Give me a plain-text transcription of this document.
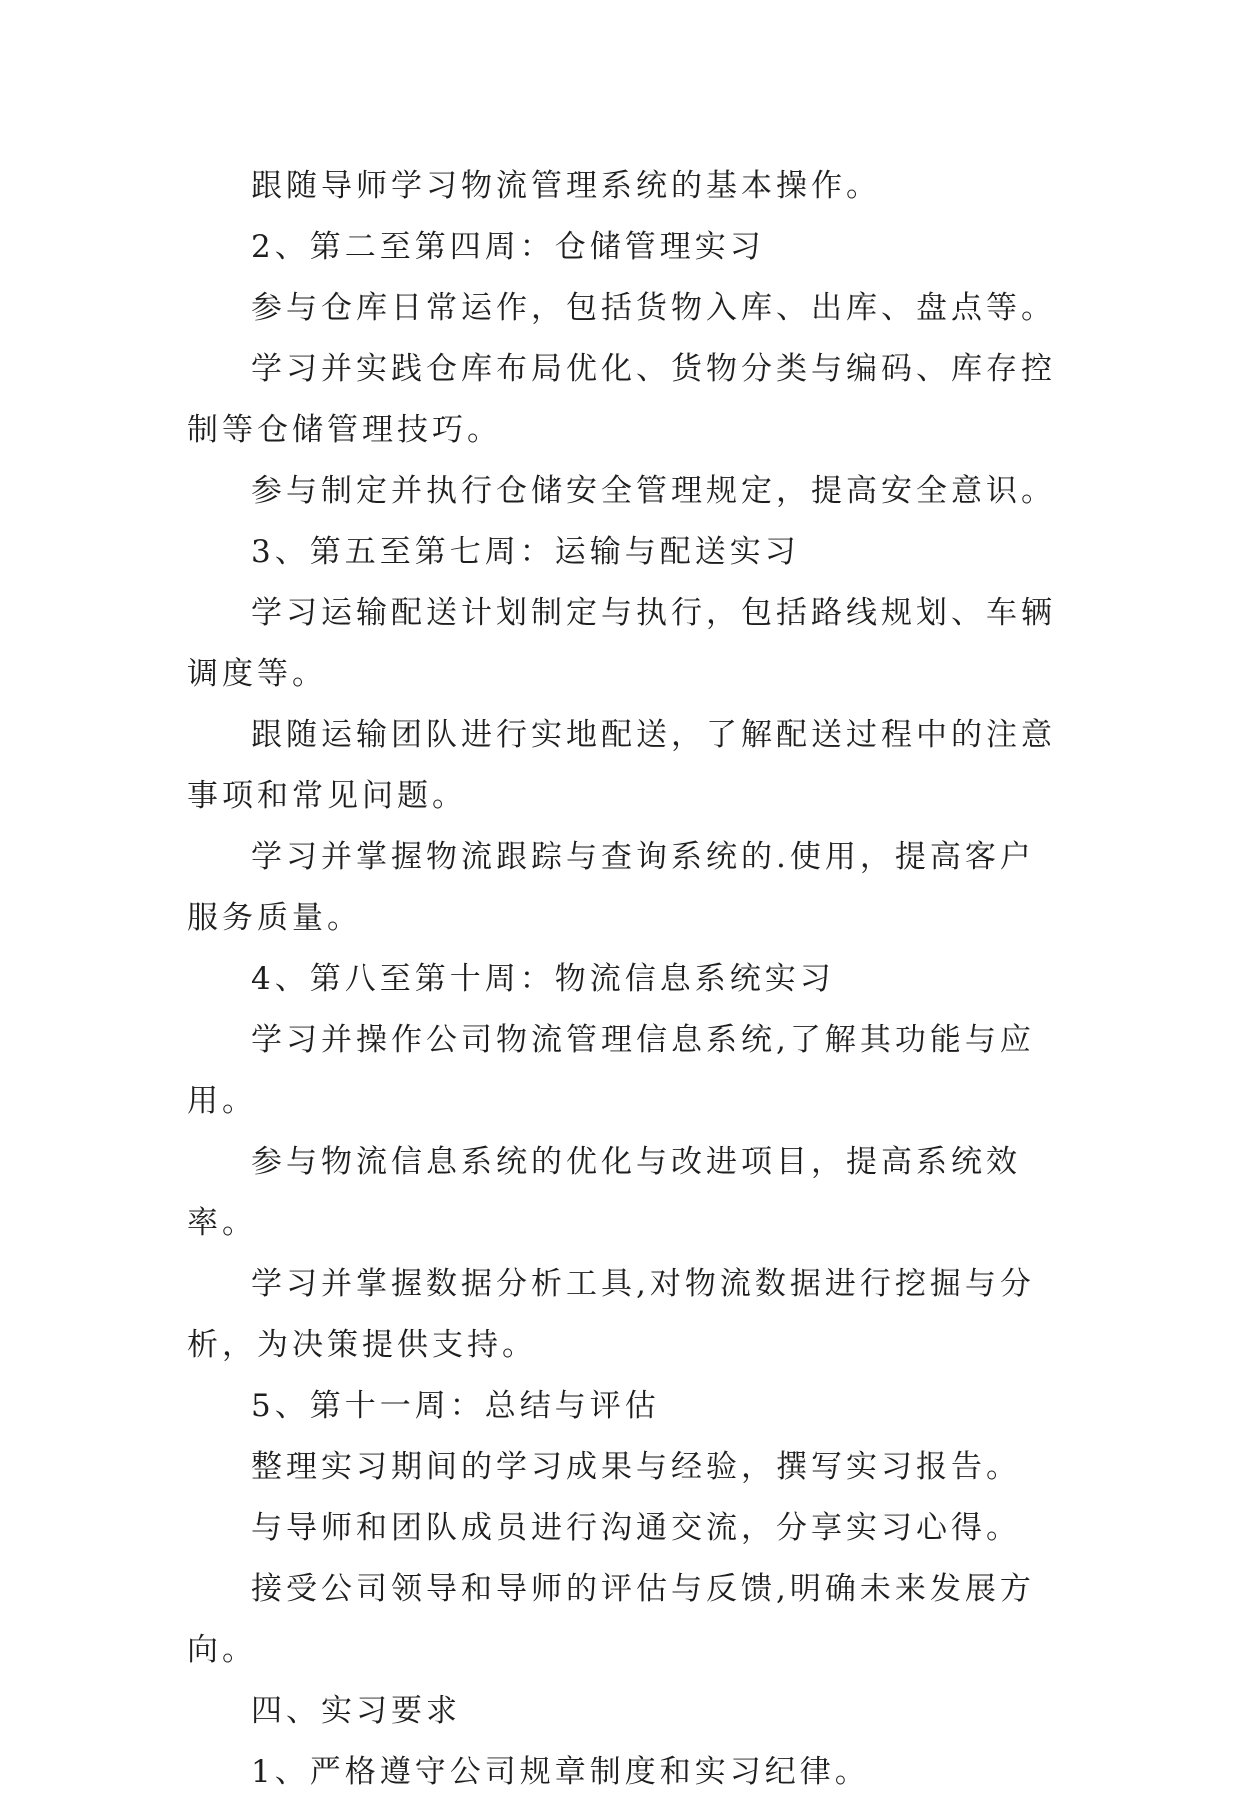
跟随导师学习物流管理系统的基本操作。

2、第二至第四周：仓储管理实习

参与仓库日常运作，包括货物入库、出库、盘点等。

学习并实践仓库布局优化、货物分类与编码、库存控制等仓储管理技巧。

参与制定并执行仓储安全管理规定，提高安全意识。

3、第五至第七周：运输与配送实习

学习运输配送计划制定与执行，包括路线规划、车辆调度等。

跟随运输团队进行实地配送，了解配送过程中的注意事项和常见问题。

学习并掌握物流跟踪与查询系统的.使用，提高客户服务质量。

4、第八至第十周：物流信息系统实习

学习并操作公司物流管理信息系统,了解其功能与应用。

参与物流信息系统的优化与改进项目，提高系统效率。

学习并掌握数据分析工具,对物流数据进行挖掘与分析，为决策提供支持。

5、第十一周：总结与评估

整理实习期间的学习成果与经验，撰写实习报告。

与导师和团队成员进行沟通交流，分享实习心得。

接受公司领导和导师的评估与反馈,明确未来发展方向。

四、实习要求

1、严格遵守公司规章制度和实习纪律。
